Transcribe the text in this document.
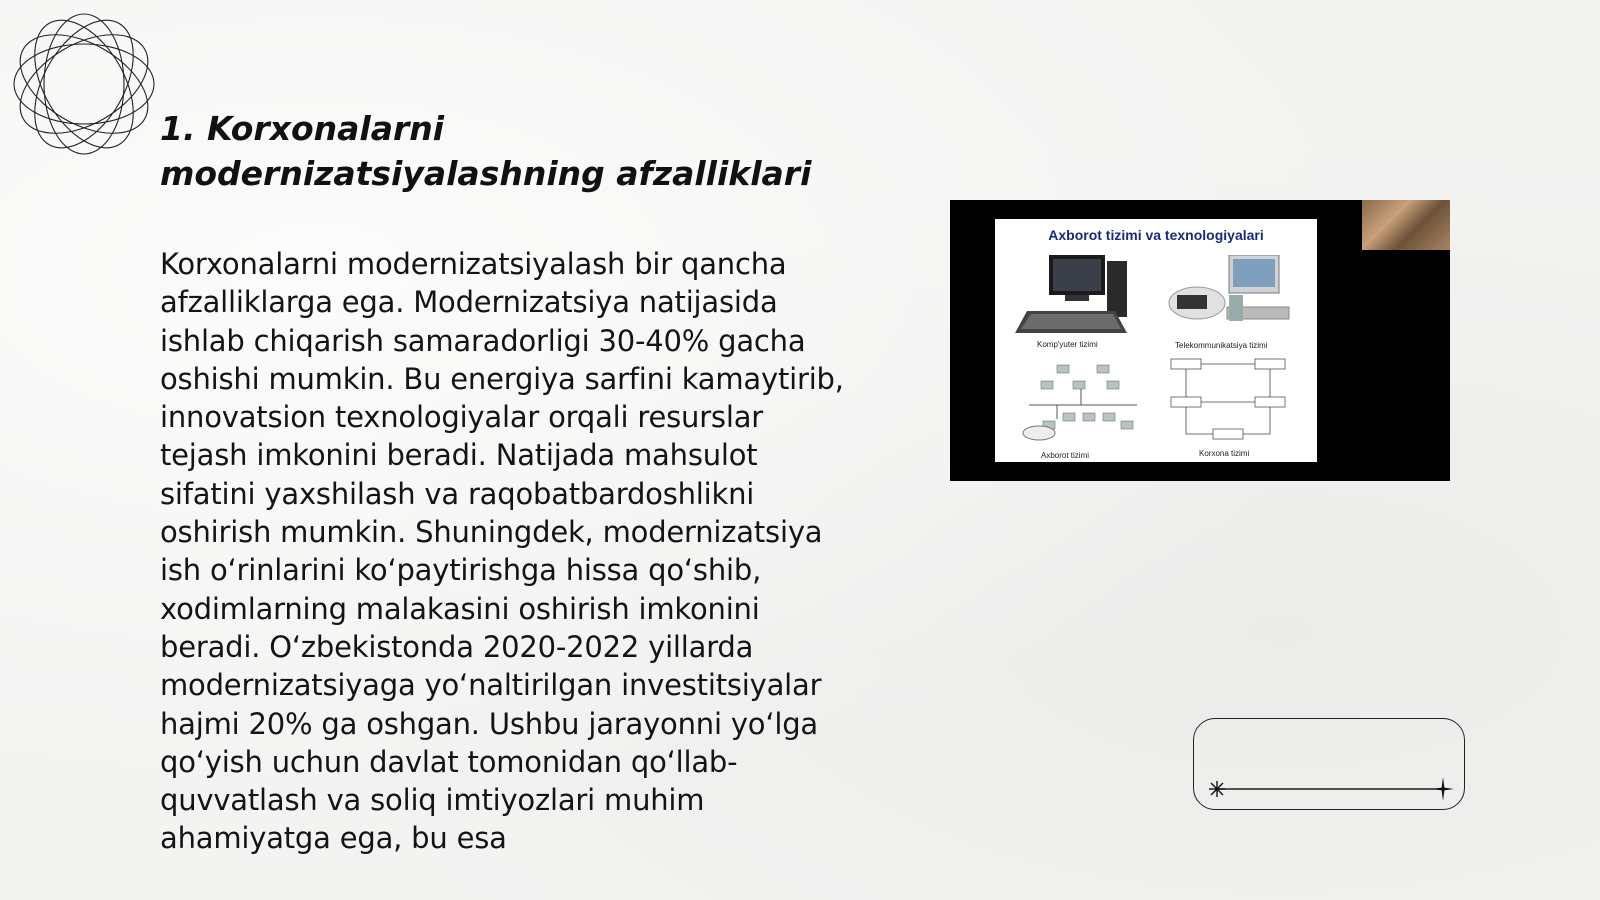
1. Korxonalarni modernizatsiyalashning afzalliklari

Korxonalarni modernizatsiyalash bir qancha afzalliklarga ega. Modernizatsiya natijasida ishlab chiqarish samaradorligi 30-40% gacha oshishi mumkin. Bu energiya sarfini kamaytirib, innovatsion texnologiyalar orqali resurslar tejash imkonini beradi. Natijada mahsulot sifatini yaxshilash va raqobatbardoshlikni oshirish mumkin. Shuningdek, modernizatsiya ish o‘rinlarini ko‘paytirishga hissa qo‘shib, xodimlarning malakasini oshirish imkonini beradi. O‘zbekistonda 2020-2022 yillarda modernizatsiyaga yo‘naltirilgan investitsiyalar hajmi 20% ga oshgan. Ushbu jarayonni yo‘lga qo‘yish uchun davlat tomonidan qo‘llab-quvvatlash va soliq imtiyozlari muhim ahamiyatga ega, bu esa

Axborot tizimi va texnologiyalari
Komp'yuter tizimi	Telekommunikatsiya tizimi
Axborot tizimi	Korxona tizimi
